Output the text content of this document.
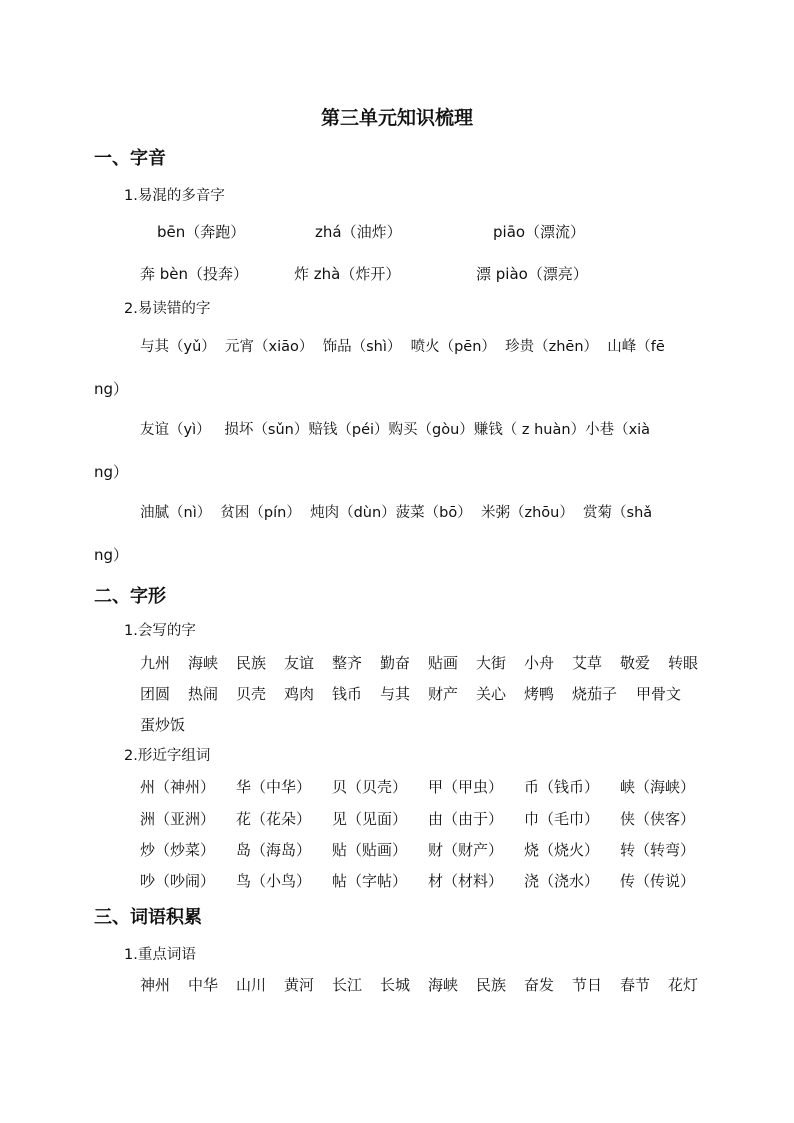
第三单元知识梳理
一、字音
1.易混的多音字
bēn（奔跑）	zhá（油炸）	piāo（漂流）
奔 bèn（投奔）	炸 zhà（炸开）	漂 piào（漂亮）
2.易读错的字
与其（yǔ）  元宵（xiāo）  饰品（shì）  喷火（pēn）  珍贵（zhēn）  山峰（fē
ng）
友谊（yì）   损坏（sǔn）赔钱（péi）购买（gòu）赚钱（ z huàn）小巷（xià
ng）
油腻（nì）  贫困（pín）  炖肉（dùn）菠菜（bō）  米粥（zhōu）  赏菊（shǎ
ng）
二、字形
1.会写的字
九州 海峡 民族 友谊 整齐 勤奋 贴画 大街 小舟 艾草 敬爱 转眼
团圆 热闹 贝壳 鸡肉 钱币 与其 财产 关心 烤鸭 烧茄子 甲骨文
蛋炒饭
2.形近字组词
州（神州） 华（中华） 贝（贝壳） 甲（甲虫） 币（钱币） 峡（海峡）
洲（亚洲） 花（花朵） 见（见面） 由（由于） 巾（毛巾） 侠（侠客）
炒（炒菜） 岛（海岛） 贴（贴画） 财（财产） 烧（烧火） 转（转弯）
吵（吵闹） 鸟（小鸟） 帖（字帖） 材（材料） 浇（浇水） 传（传说）
三、词语积累
1.重点词语
神州 中华 山川 黄河 长江 长城 海峡 民族 奋发 节日 春节 花灯
